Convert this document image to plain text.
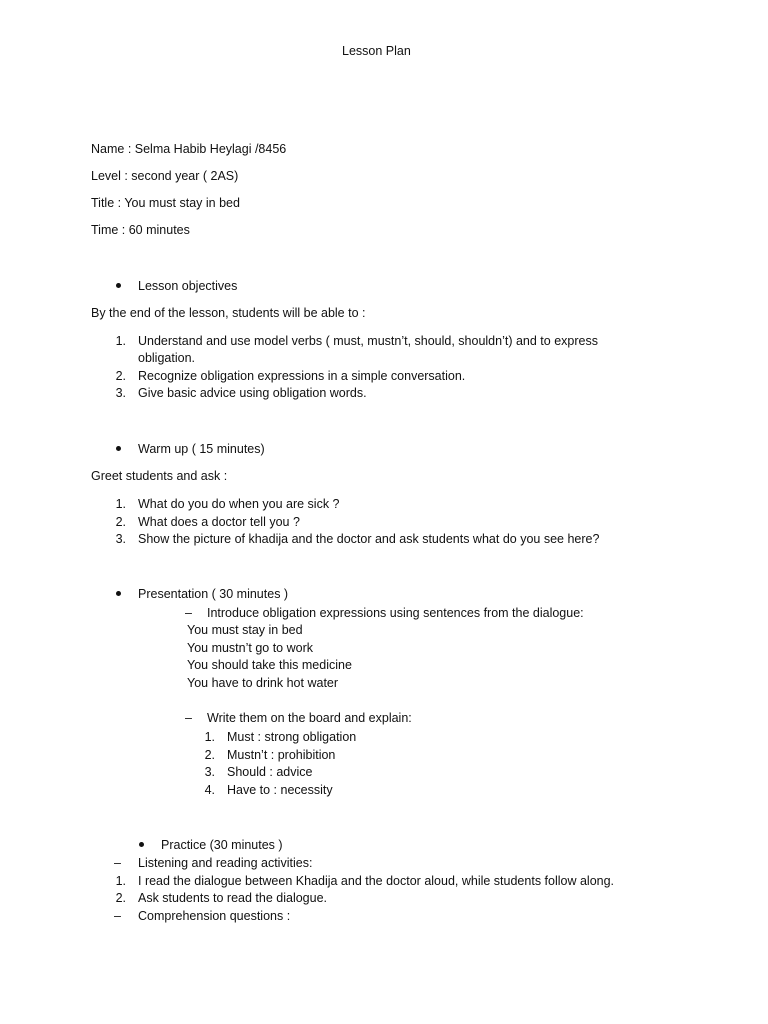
Lesson Plan
Name : Selma Habib Heylagi /8456
Level : second year ( 2AS)
Title : You must stay in bed
Time : 60 minutes
Lesson objectives
By the end of the lesson, students will be able to :
1. Understand and use model verbs ( must, mustn’t, should, shouldn’t) and to express
obligation.
2. Recognize obligation expressions in a simple conversation.
3. Give basic advice using obligation words.
Warm up ( 15 minutes)
Greet students and ask :
1. What do you do when you are sick ?
2. What does a doctor tell you ?
3. Show the picture of khadija and the doctor and ask students what do you see here?
Presentation ( 30 minutes )
– Introduce obligation expressions using sentences from the dialogue:
You must stay in bed
You mustn’t go to work
You should take this medicine
You have to drink hot water
– Write them on the board and explain:
1. Must : strong obligation
2. Mustn’t : prohibition
3. Should : advice
4. Have to : necessity
Practice (30 minutes )
– Listening and reading activities:
1. I read the dialogue between Khadija and the doctor aloud, while students follow along.
2. Ask students to read the dialogue.
– Comprehension questions :
